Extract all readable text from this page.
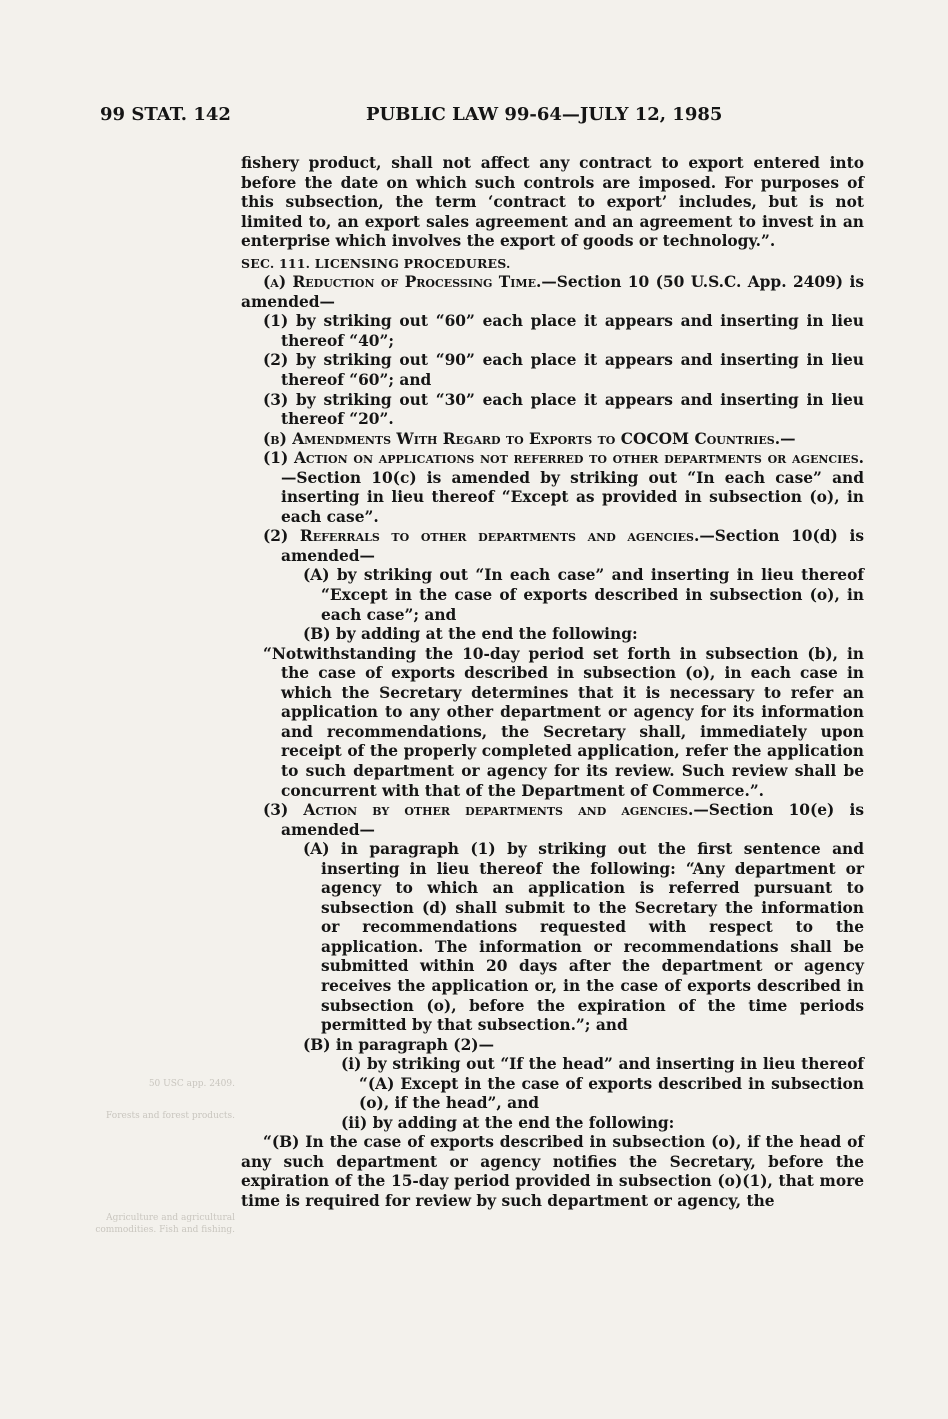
99 STAT. 142	PUBLIC LAW 99-64—JULY 12, 1985
50 USC app. 2409.
Forests and forest products.
Agriculture and agricultural commodities. Fish and fishing.

fishery product, shall not affect any contract to export entered into before the date on which such controls are imposed. For purposes of this subsection, the term ‘contract to export’ includes, but is not limited to, an export sales agreement and an agreement to invest in an enterprise which involves the export of goods or technology.”.

SEC. 111. LICENSING PROCEDURES.

(a) Reduction of Processing Time.—Section 10 (50 U.S.C. App. 2409) is amended—

(1) by striking out “60” each place it appears and inserting in lieu thereof “40”;

(2) by striking out “90” each place it appears and inserting in lieu thereof “60”; and

(3) by striking out “30” each place it appears and inserting in lieu thereof “20”.

(b) Amendments With Regard to Exports to COCOM Countries.—

(1) Action on applications not referred to other departments or agencies.—Section 10(c) is amended by striking out “In each case” and inserting in lieu thereof “Except as provided in subsection (o), in each case”.

(2) Referrals to other departments and agencies.—Section 10(d) is amended—

(A) by striking out “In each case” and inserting in lieu thereof “Except in the case of exports described in subsection (o), in each case”; and

(B) by adding at the end the following:

“Notwithstanding the 10-day period set forth in subsection (b), in the case of exports described in subsection (o), in each case in which the Secretary determines that it is necessary to refer an application to any other department or agency for its information and recommendations, the Secretary shall, immediately upon receipt of the properly completed application, refer the application to such department or agency for its review. Such review shall be concurrent with that of the Department of Commerce.”.

(3) Action by other departments and agencies.—Section 10(e) is amended—

(A) in paragraph (1) by striking out the first sentence and inserting in lieu thereof the following: “Any department or agency to which an application is referred pursuant to subsection (d) shall submit to the Secretary the information or recommendations requested with respect to the application. The information or recommendations shall be submitted within 20 days after the department or agency receives the application or, in the case of exports described in subsection (o), before the expiration of the time periods permitted by that subsection.”; and

(B) in paragraph (2)—

(i) by striking out “If the head” and inserting in lieu thereof “(A) Except in the case of exports described in subsection (o), if the head”, and

(ii) by adding at the end the following:

“(B) In the case of exports described in subsection (o), if the head of any such department or agency notifies the Secretary, before the expiration of the 15-day period provided in subsection (o)(1), that more time is required for review by such department or agency, the
